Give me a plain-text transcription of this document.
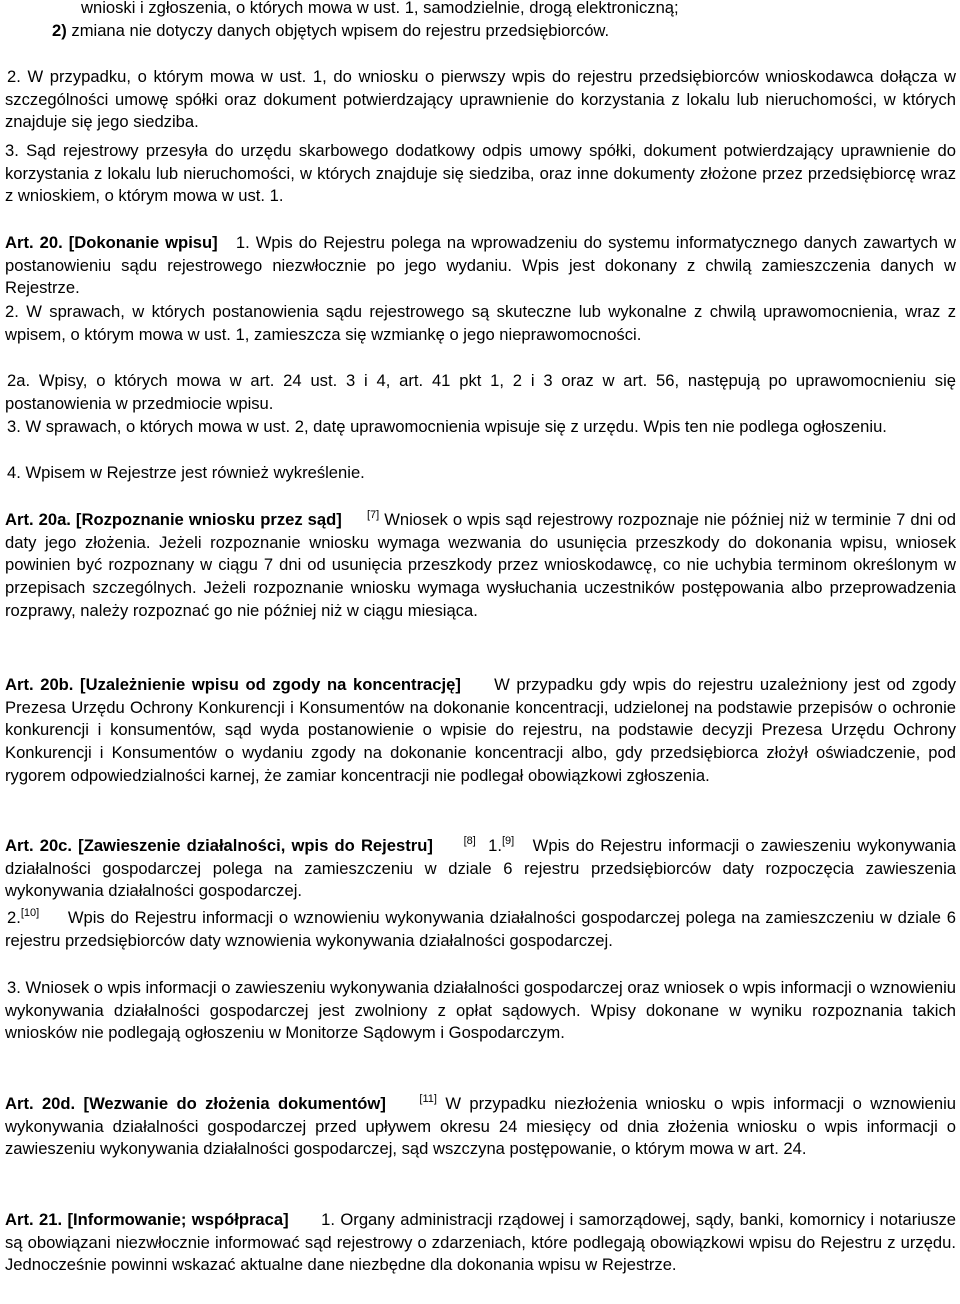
wnioski i zgłoszenia, o których mowa w ust. 1, samodzielnie, drogą elektroniczną;

2) zmiana nie dotyczy danych objętych wpisem do rejestru przedsiębiorców.

2. W przypadku, o którym mowa w ust. 1, do wniosku o pierwszy wpis do rejestru przedsiębiorców wnioskodawca dołącza w szczególności umowę spółki oraz dokument potwierdzający uprawnienie do korzystania z lokalu lub nieruchomości, w których znajduje się jego siedziba.

3. Sąd rejestrowy przesyła do urzędu skarbowego dodatkowy odpis umowy spółki, dokument potwierdzający uprawnienie do korzystania z lokalu lub nieruchomości, w których znajduje się siedziba, oraz inne dokumenty złożone przez przedsiębiorcę wraz z wnioskiem, o którym mowa w ust. 1.

Art. 20. [Dokonanie wpisu] 1. Wpis do Rejestru polega na wprowadzeniu do systemu informatycznego danych zawartych w postanowieniu sądu rejestrowego niezwłocznie po jego wydaniu. Wpis jest dokonany z chwilą zamieszczenia danych w Rejestrze.

2. W sprawach, w których postanowienia sądu rejestrowego są skuteczne lub wykonalne z chwilą uprawomocnienia, wraz z wpisem, o którym mowa w ust. 1, zamieszcza się wzmiankę o jego nieprawomocności.

2a. Wpisy, o których mowa w art. 24 ust. 3 i 4, art. 41 pkt 1, 2 i 3 oraz w art. 56, następują po uprawomocnieniu się postanowienia w przedmiocie wpisu.

3. W sprawach, o których mowa w ust. 2, datę uprawomocnienia wpisuje się z urzędu. Wpis ten nie podlega ogłoszeniu.

4. Wpisem w Rejestrze jest również wykreślenie.

Art. 20a. [Rozpoznanie wniosku przez sąd] [7] Wniosek o wpis sąd rejestrowy rozpoznaje nie później niż w terminie 7 dni od daty jego złożenia. Jeżeli rozpoznanie wniosku wymaga wezwania do usunięcia przeszkody do dokonania wpisu, wniosek powinien być rozpoznany w ciągu 7 dni od usunięcia przeszkody przez wnioskodawcę, co nie uchybia terminom określonym w przepisach szczególnych. Jeżeli rozpoznanie wniosku wymaga wysłuchania uczestników postępowania albo przeprowadzenia rozprawy, należy rozpoznać go nie później niż w ciągu miesiąca.

Art. 20b. [Uzależnienie wpisu od zgody na koncentrację] W przypadku gdy wpis do rejestru uzależniony jest od zgody Prezesa Urzędu Ochrony Konkurencji i Konsumentów na dokonanie koncentracji, udzielonej na podstawie przepisów o ochronie konkurencji i konsumentów, sąd wyda postanowienie o wpisie do rejestru, na podstawie decyzji Prezesa Urzędu Ochrony Konkurencji i Konsumentów o wydaniu zgody na dokonanie koncentracji albo, gdy przedsiębiorca złożył oświadczenie, pod rygorem odpowiedzialności karnej, że zamiar koncentracji nie podlegał obowiązkowi zgłoszenia.

Art. 20c. [Zawieszenie działalności, wpis do Rejestru]	[8] 1.[9] Wpis do Rejestru informacji o zawieszeniu wykonywania działalności gospodarczej polega na zamieszczeniu w dziale 6 rejestru przedsiębiorców daty rozpoczęcia zawieszenia wykonywania działalności gospodarczej.

2.[10] Wpis do Rejestru informacji o wznowieniu wykonywania działalności gospodarczej polega na zamieszczeniu w dziale 6 rejestru przedsiębiorców daty wznowienia wykonywania działalności gospodarczej.

3. Wniosek o wpis informacji o zawieszeniu wykonywania działalności gospodarczej oraz wniosek o wpis informacji o wznowieniu wykonywania działalności gospodarczej jest zwolniony z opłat sądowych. Wpisy dokonane w wyniku rozpoznania takich wniosków nie podlegają ogłoszeniu w Monitorze Sądowym i Gospodarczym.

Art. 20d. [Wezwanie do złożenia dokumentów]	[11] W przypadku niezłożenia wniosku o wpis informacji o wznowieniu wykonywania działalności gospodarczej przed upływem okresu 24 miesięcy od dnia złożenia wniosku o wpis informacji o zawieszeniu wykonywania działalności gospodarczej, sąd wszczyna postępowanie, o którym mowa w art. 24.

Art. 21. [Informowanie; współpraca] 1. Organy administracji rządowej i samorządowej, sądy, banki, komornicy i notariusze są obowiązani niezwłocznie informować sąd rejestrowy o zdarzeniach, które podlegają obowiązkowi wpisu do Rejestru z urzędu. Jednocześnie powinni wskazać aktualne dane niezbędne dla dokonania wpisu w Rejestrze.
